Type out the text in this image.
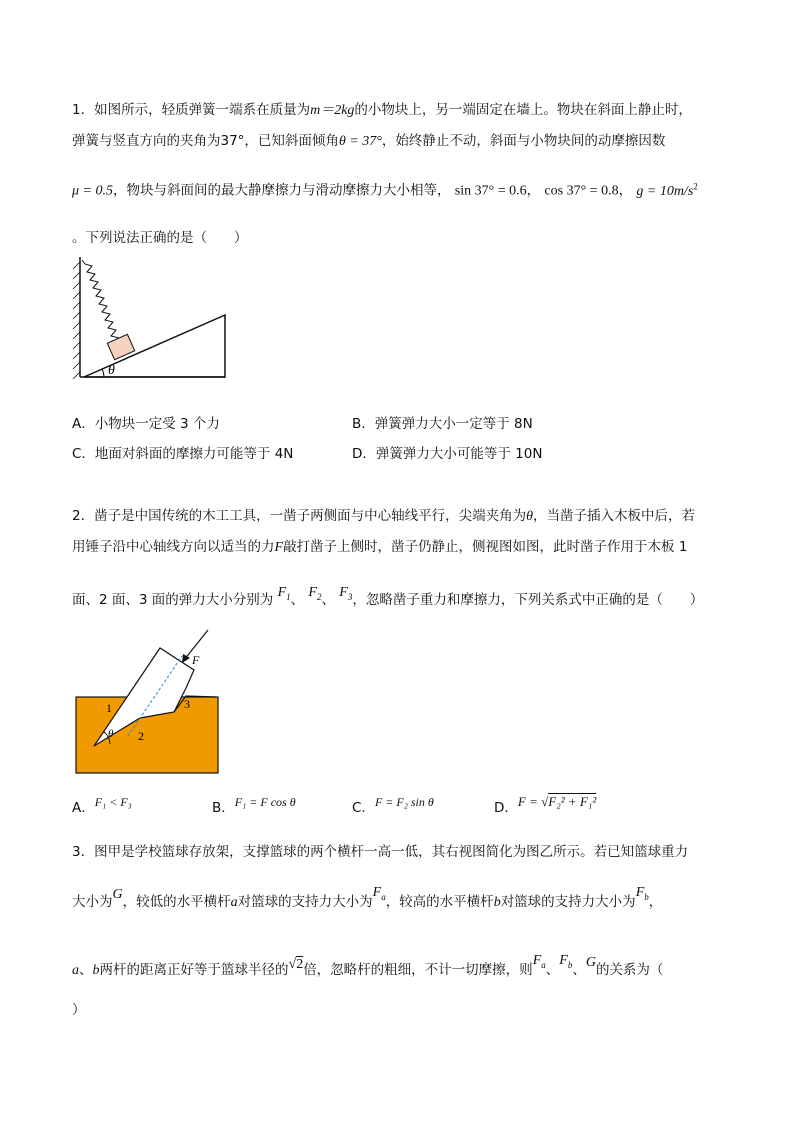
1．如图所示，轻质弹簧一端系在质量为m＝2kg的小物块上，另一端固定在墙上。物块在斜面上静止时，
弹簧与竖直方向的夹角为37°，已知斜面倾角θ = 37°，始终静止不动，斜面与小物块间的动摩擦因数
μ = 0.5，物块与斜面间的最大静摩擦力与滑动摩擦力大小相等， sin 37° = 0.6， cos 37° = 0.8， $g = 10m/s^2$
。下列说法正确的是（　　）
θ
A．小物块一定受 3 个力	B．弹簧弹力大小一定等于 8N
C．地面对斜面的摩擦力可能等于 4N	D．弹簧弹力大小可能等于 10N
2．凿子是中国传统的木工工具，一凿子两侧面与中心轴线平行，尖端夹角为θ，当凿子插入木板中后，若
用锤子沿中心轴线方向以适当的力F敲打凿子上侧时，凿子仍静止，侧视图如图，此时凿子作用于木板 1
面、2 面、3 面的弹力大小分别为 $F_1$、 $F_2$、 $F_3$，忽略凿子重力和摩擦力，下列关系式中正确的是（　　）
F
1
2
3
θ
A．F₁ < F₃	B．F₁ = F cos θ	C．F = F₂ sin θ	D．F = √F₂² + F₁²
3．图甲是学校篮球存放架，支撑篮球的两个横杆一高一低，其右视图简化为图乙所示。若已知篮球重力
大小为G，较低的水平横杆a对篮球的支持力大小为$F_a$，较高的水平横杆b对篮球的支持力大小为$F_b$，
a、b两杆的距离正好等于篮球半径的√2倍，忽略杆的粗细，不计一切摩擦，则$F_a$、$F_b$、G的关系为（
）
